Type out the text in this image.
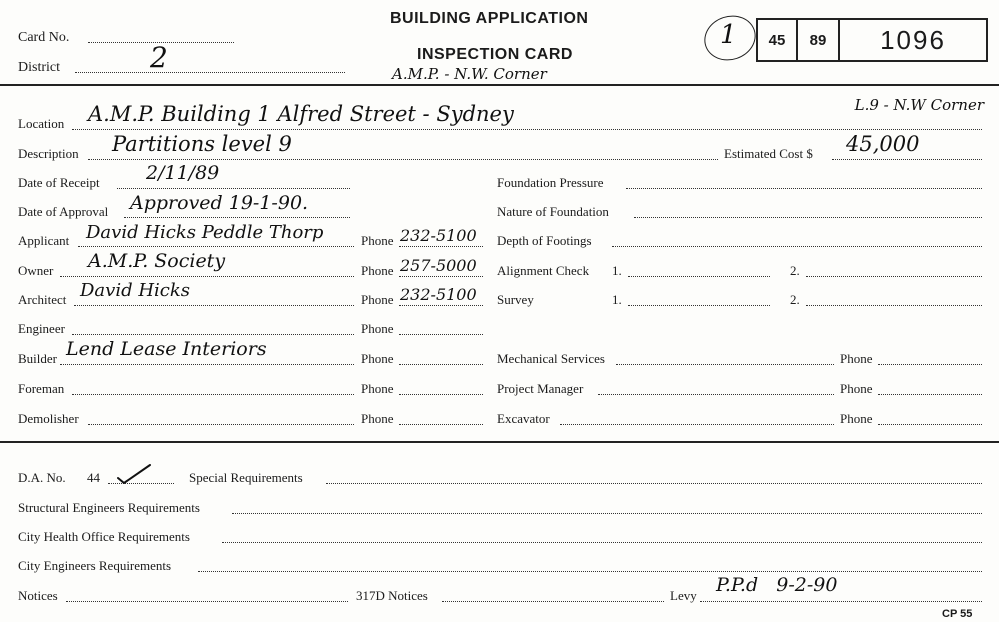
Card No.
District	2
BUILDING APPLICATION
INSPECTION CARD
A.M.P. - N.W. Corner
1 45 89 1096
Location A.M.P. Building 1 Alfred Street - Sydney	L.9 - N.W Corner
Description Partitions level 9	Estimated Cost $ 45,000
Date of Receipt 2/11/89
Date of Approval Approved 19-1-90.
Applicant David Hicks Peddle Thorp	Phone 232-5100
Owner A.M.P. Society	Phone 257-5000
Architect David Hicks	Phone 232-5100
Engineer	Phone
Builder Lend Lease Interiors	Phone
Foreman	Phone
Demolisher	Phone
Foundation Pressure
Nature of Foundation
Depth of Footings
Alignment Check 1.	2.
Survey	1.	2.
Mechanical Services	Phone
Project Manager	Phone
Excavator	Phone
D.A. No. 44	Special Requirements
Structural Engineers Requirements
City Health Office Requirements
City Engineers Requirements
Notices	317D Notices	Levy P.P.d   9-2-90
CP 55
